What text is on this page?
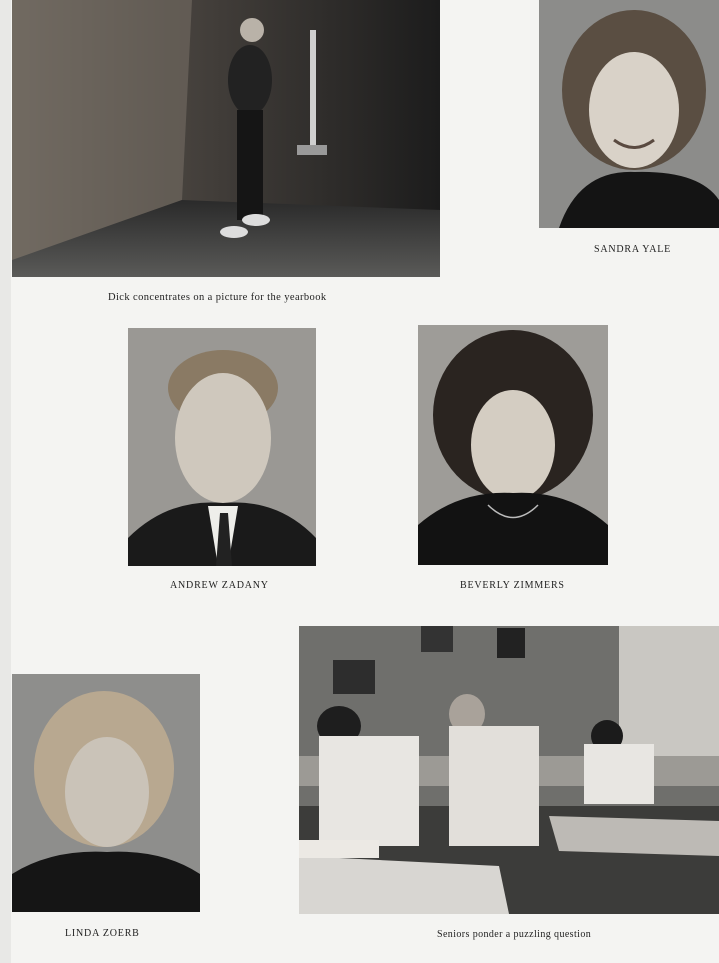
Dick concentrates on a picture for the yearbook
SANDRA YALE
ANDREW ZADANY	BEVERLY ZIMMERS
LINDA ZOERB	Seniors ponder a puzzling question
